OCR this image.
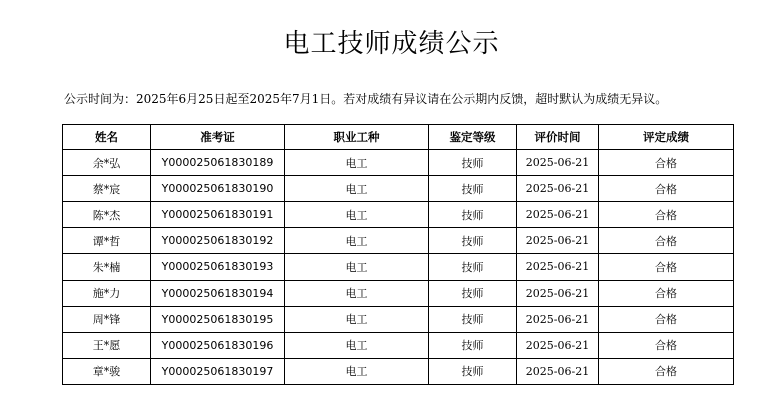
电工技师成绩公示
公示时间为：2025年6月25日起至2025年7月1日。若对成绩有异议请在公示期内反馈，超时默认为成绩无异议。
姓名	准考证	职业工种	鉴定等级	评价时间	评定成绩
余*弘	Y000025061830189	电工	技师	2025-06-21	合格
蔡*宸	Y000025061830190	电工	技师	2025-06-21	合格
陈*杰	Y000025061830191	电工	技师	2025-06-21	合格
谭*哲	Y000025061830192	电工	技师	2025-06-21	合格
朱*楠	Y000025061830193	电工	技师	2025-06-21	合格
施*力	Y000025061830194	电工	技师	2025-06-21	合格
周*锋	Y000025061830195	电工	技师	2025-06-21	合格
王*愿	Y000025061830196	电工	技师	2025-06-21	合格
章*骏	Y000025061830197	电工	技师	2025-06-21	合格
